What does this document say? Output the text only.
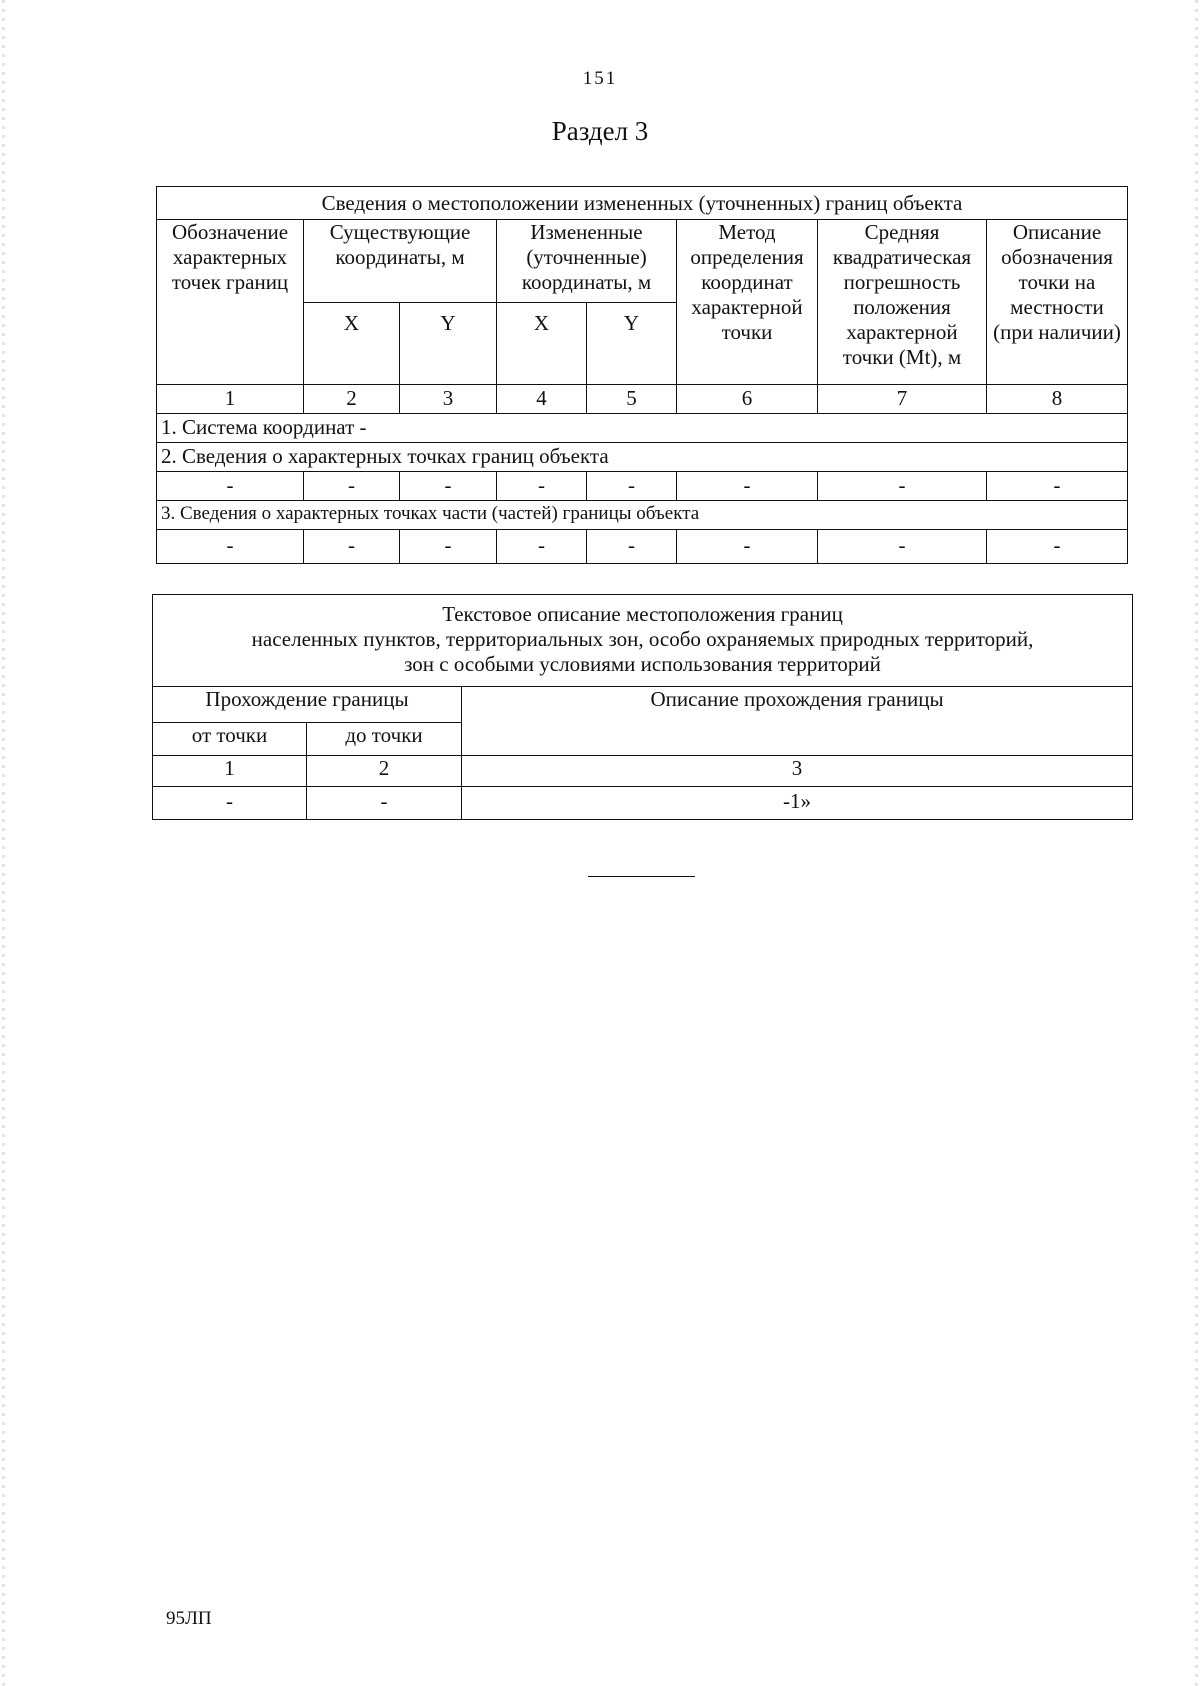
151
Раздел 3
Сведения о местоположении измененных (уточненных) границ объекта							
Обозначение характерных точек границ	Существующие координаты, м		Измененные (уточненные) координаты, м		Метод определения координат характерной точки	Средняя квадратическая погрешность положения характерной точки (Mt), м	Описание обозначения точки на местности (при наличии)
	X	Y	X	Y			
1	2	3	4	5	6	7	8
1. Система координат -							
2. Сведения о характерных точках границ объекта							
-	-	-	-	-	-	-	-
3. Сведения о характерных точках части (частей) границы объекта							
-	-	-	-	-	-	-	-
Текстовое описание местоположения границ
населенных пунктов, территориальных зон, особо охраняемых природных территорий,
зон с особыми условиями использования территорий		

Прохождение границы		Описание прохождения границы
от точки	до точки	
1	2	3
-	-	-1»
95ЛП
